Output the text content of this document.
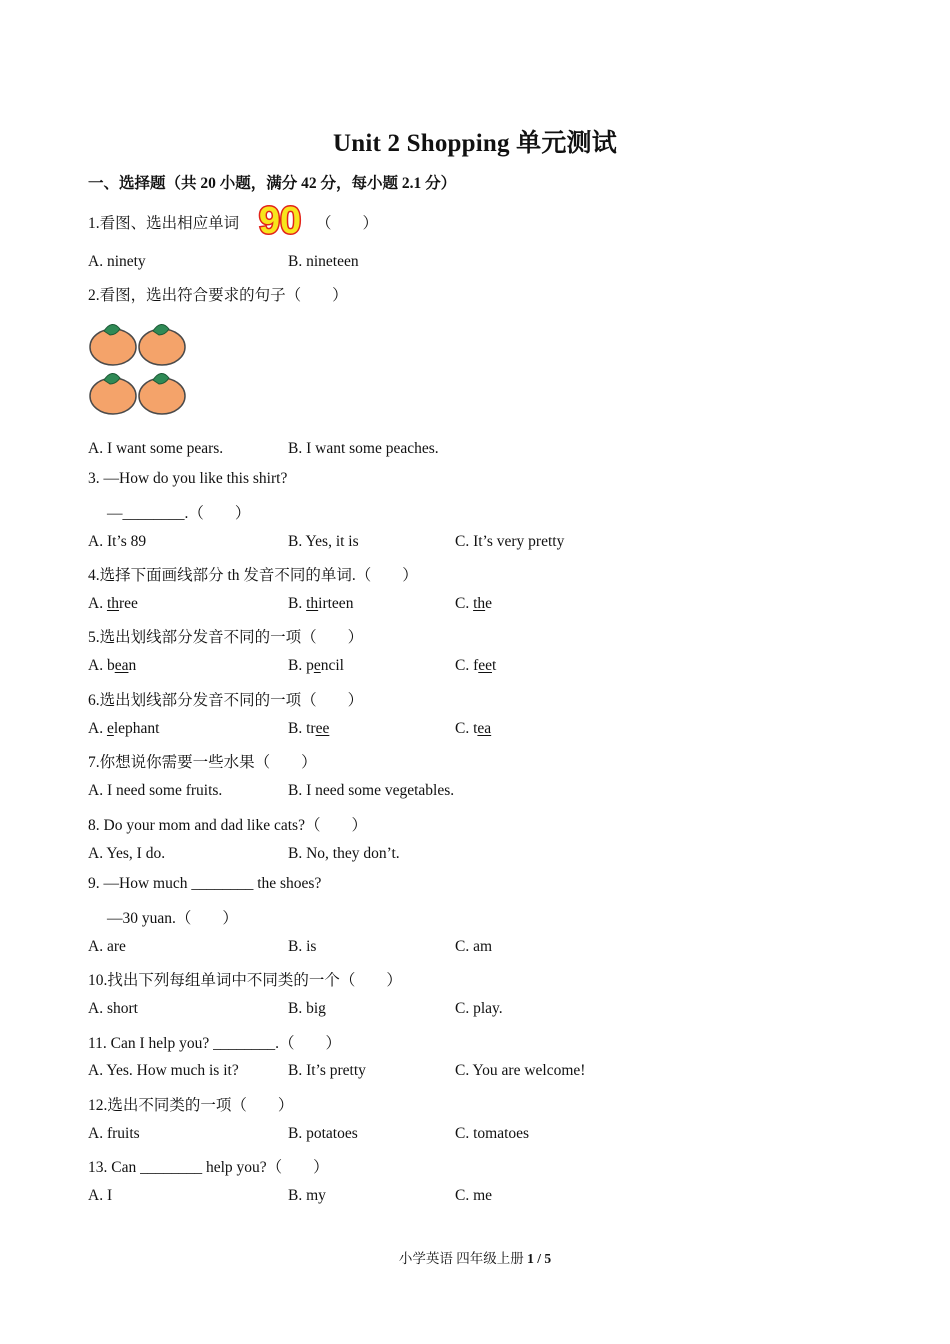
Unit 2 Shopping 单元测试
一、选择题（共 20 小题，满分 42 分，每小题 2.1 分）
1.看图、选出相应单词 90 （　　）
A. ninety	B. nineteen
2.看图，选出符合要求的句子（　　）
A. I want some pears.	B. I want some peaches.
3. —How do you like this shirt?
—________.（　　）
A. It’s 89	B. Yes, it is	C. It’s very pretty
4.选择下面画线部分 th 发音不同的单词.（　　）
A. three	B. thirteen	C. the
5.选出划线部分发音不同的一项（　　）
A. bean	B. pencil	C. feet
6.选出划线部分发音不同的一项（　　）
A. elephant	B. tree	C. tea
7.你想说你需要一些水果（　　）
A. I need some fruits.	B. I need some vegetables.
8. Do your mom and dad like cats?（　　）
A. Yes, I do.	B. No, they don’t.
9. —How much ________ the shoes?
—30 yuan.（　　）
A. are	B. is	C. am
10.找出下列每组单词中不同类的一个（　　）
A. short	B. big	C. play.
11. Can I help you? ________.（　　）
A. Yes. How much is it?	B. It’s pretty	C. You are welcome!
12.选出不同类的一项（　　）
A. fruits	B. potatoes	C. tomatoes
13. Can ________ help you?（　　）
A. I	B. my	C. me
小学英语 四年级上册 1 / 5
